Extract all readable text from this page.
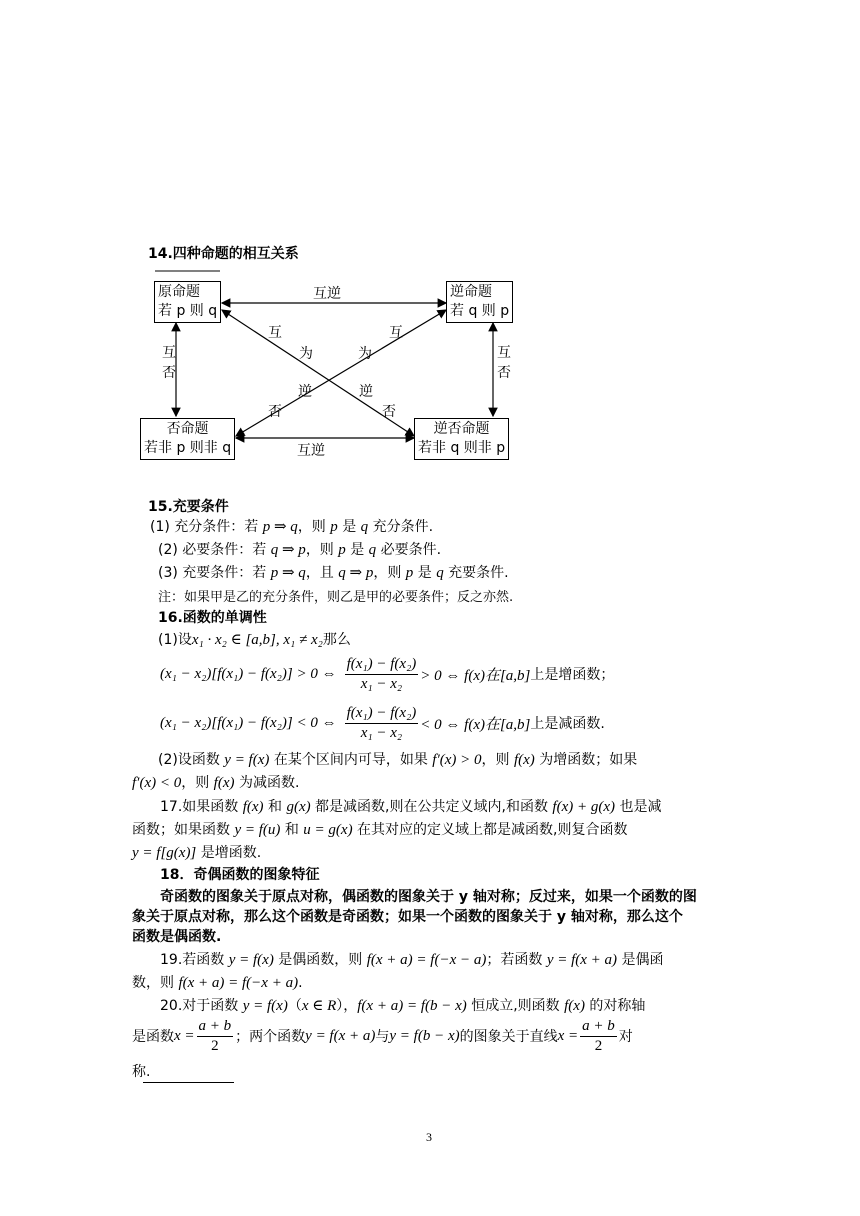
14.四种命题的相互关系
原命题
若 p 则 q
逆命题
若 q 则 p
否命题
若非 p 则非 q
逆否命题
若非 q 则非 p
互逆
互逆
互
否
互
否
互
为
逆
否
互
为
逆
否
15.充要条件
(1) 充分条件：若 p ⇒ q，则 p 是 q 充分条件.
(2) 必要条件：若 q ⇒ p，则 p 是 q 必要条件.
(3) 充要条件：若 p ⇒ q，且 q ⇒ p，则 p 是 q 充要条件.
注：如果甲是乙的充分条件，则乙是甲的必要条件；反之亦然.
16.函数的单调性
(1)设x₁ · x₂ ∈ [a,b], x₁ ≠ x₂那么
(x₁ − x₂)[f(x₁) − f(x₂)] > 0 ⇔ $\frac{\text{f(x₁) − f(x₂)}}{\text{x₁ − x₂}} > 0$ ⇔ f(x)在[a,b] 上是增函数；
(x₁ − x₂)[f(x₁) − f(x₂)] < 0 ⇔ $\frac{\text{f(x₁) − f(x₂)}}{\text{x₁ − x₂}} < 0$ ⇔ f(x)在[a,b] 上是减函数.
(2)设函数 y = f(x) 在某个区间内可导，如果 f′(x) > 0，则 f(x) 为增函数；如果
f′(x) < 0，则 f(x) 为减函数.
17.如果函数 f(x) 和 g(x) 都是减函数,则在公共定义域内,和函数 f(x) + g(x) 也是减
函数；如果函数 y = f(u) 和 u = g(x) 在其对应的定义域上都是减函数,则复合函数
y = f[g(x)] 是增函数.
18．奇偶函数的图象特征
奇函数的图象关于原点对称，偶函数的图象关于 y 轴对称；反过来，如果一个函数的图
象关于原点对称，那么这个函数是奇函数；如果一个函数的图象关于 y 轴对称，那么这个
函数是偶函数.
19.若函数 y = f(x) 是偶函数，则 f(x + a) = f(−x − a)；若函数 y = f(x + a) 是偶函
数，则 f(x + a) = f(−x + a).
20.对于函数 y = f(x)（x ∈ R），f(x + a) = f(b − x) 恒成立,则函数 f(x) 的对称轴
是函数 $x = \frac{a + b}{2}$ ；两个函数 y = f(x + a) 与 y = f(b − x) 的图象关于直线 $x = \frac{a + b}{2}$ 对
称.
3
